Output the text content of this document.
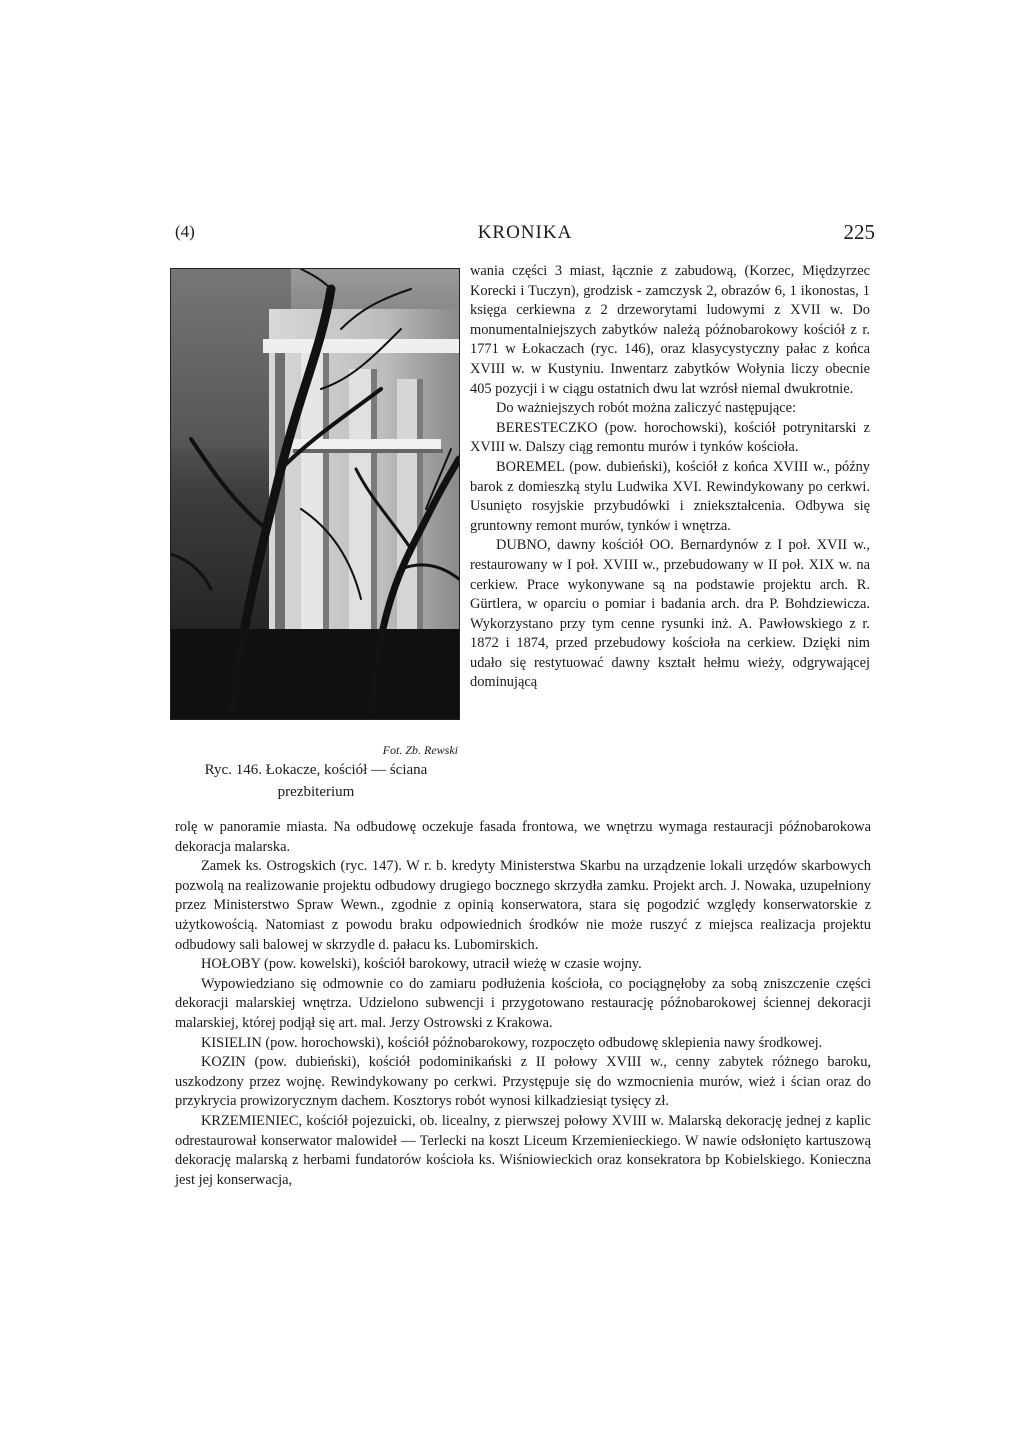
(4)	KRONIKA	225
Fot. Zb. Rewski
Ryc. 146. Łokacze, kościół — ściana
prezbiterium

wania części 3 miast, łącznie z zabudową, (Korzec, Międzyrzec Korecki i Tuczyn), grodzisk - zamczysk 2, obrazów 6, 1 ikonostas, 1 księga cerkiewna z 2 drzeworytami ludowymi z XVII w. Do monumentalniejszych zabytków należą późnobarokowy kościół z r. 1771 w Łokaczach (ryc. 146), oraz klasycystyczny pałac z końca XVIII w. w Kustyniu. Inwentarz zabytków Wołynia liczy obecnie 405 pozycji i w ciągu ostatnich dwu lat wzrósł niemal dwukrotnie.

Do ważniejszych robót można zaliczyć następujące:

BERESTECZKO (pow. horochowski), kościół potrynitarski z XVIII w. Dalszy ciąg remontu murów i tynków kościoła.

BOREMEL (pow. dubieński), kościół z końca XVIII w., późny barok z domieszką stylu Ludwika XVI. Rewindykowany po cerkwi. Usunięto rosyjskie przybudówki i zniekształcenia. Odbywa się gruntowny remont murów, tynków i wnętrza.

DUBNO, dawny kościół OO. Bernardynów z I poł. XVII w., restaurowany w I poł. XVIII w., przebudowany w II poł. XIX w. na cerkiew. Prace wykonywane są na podstawie projektu arch. R. Gürtlera, w oparciu o pomiar i badania arch. dra P. Bohdziewicza. Wykorzystano przy tym cenne rysunki inż. A. Pawłowskiego z r. 1872 i 1874, przed przebudowy kościoła na cerkiew. Dzięki nim udało się restytuować dawny kształt hełmu wieży, odgrywającej dominującą

rolę w panoramie miasta. Na odbudowę oczekuje fasada frontowa, we wnętrzu wymaga restauracji późnobarokowa dekoracja malarska.

Zamek ks. Ostrogskich (ryc. 147). W r. b. kredyty Ministerstwa Skarbu na urządzenie lokali urzędów skarbowych pozwolą na realizowanie projektu odbudowy drugiego bocznego skrzydła zamku. Projekt arch. J. Nowaka, uzupełniony przez Ministerstwo Spraw Wewn., zgodnie z opinią konserwatora, stara się pogodzić względy konserwatorskie z użytkowością. Natomiast z powodu braku odpowiednich środków nie może ruszyć z miejsca realizacja projektu odbudowy sali balowej w skrzydle d. pałacu ks. Lubomirskich.

HOŁOBY (pow. kowelski), kościół barokowy, utracił wieżę w czasie wojny.

Wypowiedziano się odmownie co do zamiaru podłużenia kościoła, co pociągnęłoby za sobą zniszczenie części dekoracji malarskiej wnętrza. Udzielono subwencji i przygotowano restaurację późnobarokowej ściennej dekoracji malarskiej, której podjął się art. mal. Jerzy Ostrowski z Krakowa.

KISIELIN (pow. horochowski), kościół późnobarokowy, rozpoczęto odbudowę sklepienia nawy środkowej.

KOZIN (pow. dubieński), kościół podominikański z II połowy XVIII w., cenny zabytek różnego baroku, uszkodzony przez wojnę. Rewindykowany po cerkwi. Przystępuje się do wzmocnienia murów, wież i ścian oraz do przykrycia prowizorycznym dachem. Kosztorys robót wynosi kilkadziesiąt tysięcy zł.

KRZEMIENIEC, kościół pojezuicki, ob. licealny, z pierwszej połowy XVIII w. Malarską dekorację jednej z kaplic odrestaurował konserwator malowideł — Terlecki na koszt Liceum Krzemienieckiego. W nawie odsłonięto kartuszową dekorację malarską z herbami fundatorów kościoła ks. Wiśniowieckich oraz konsekratora bp Kobielskiego. Konieczna jest jej konserwacja,
